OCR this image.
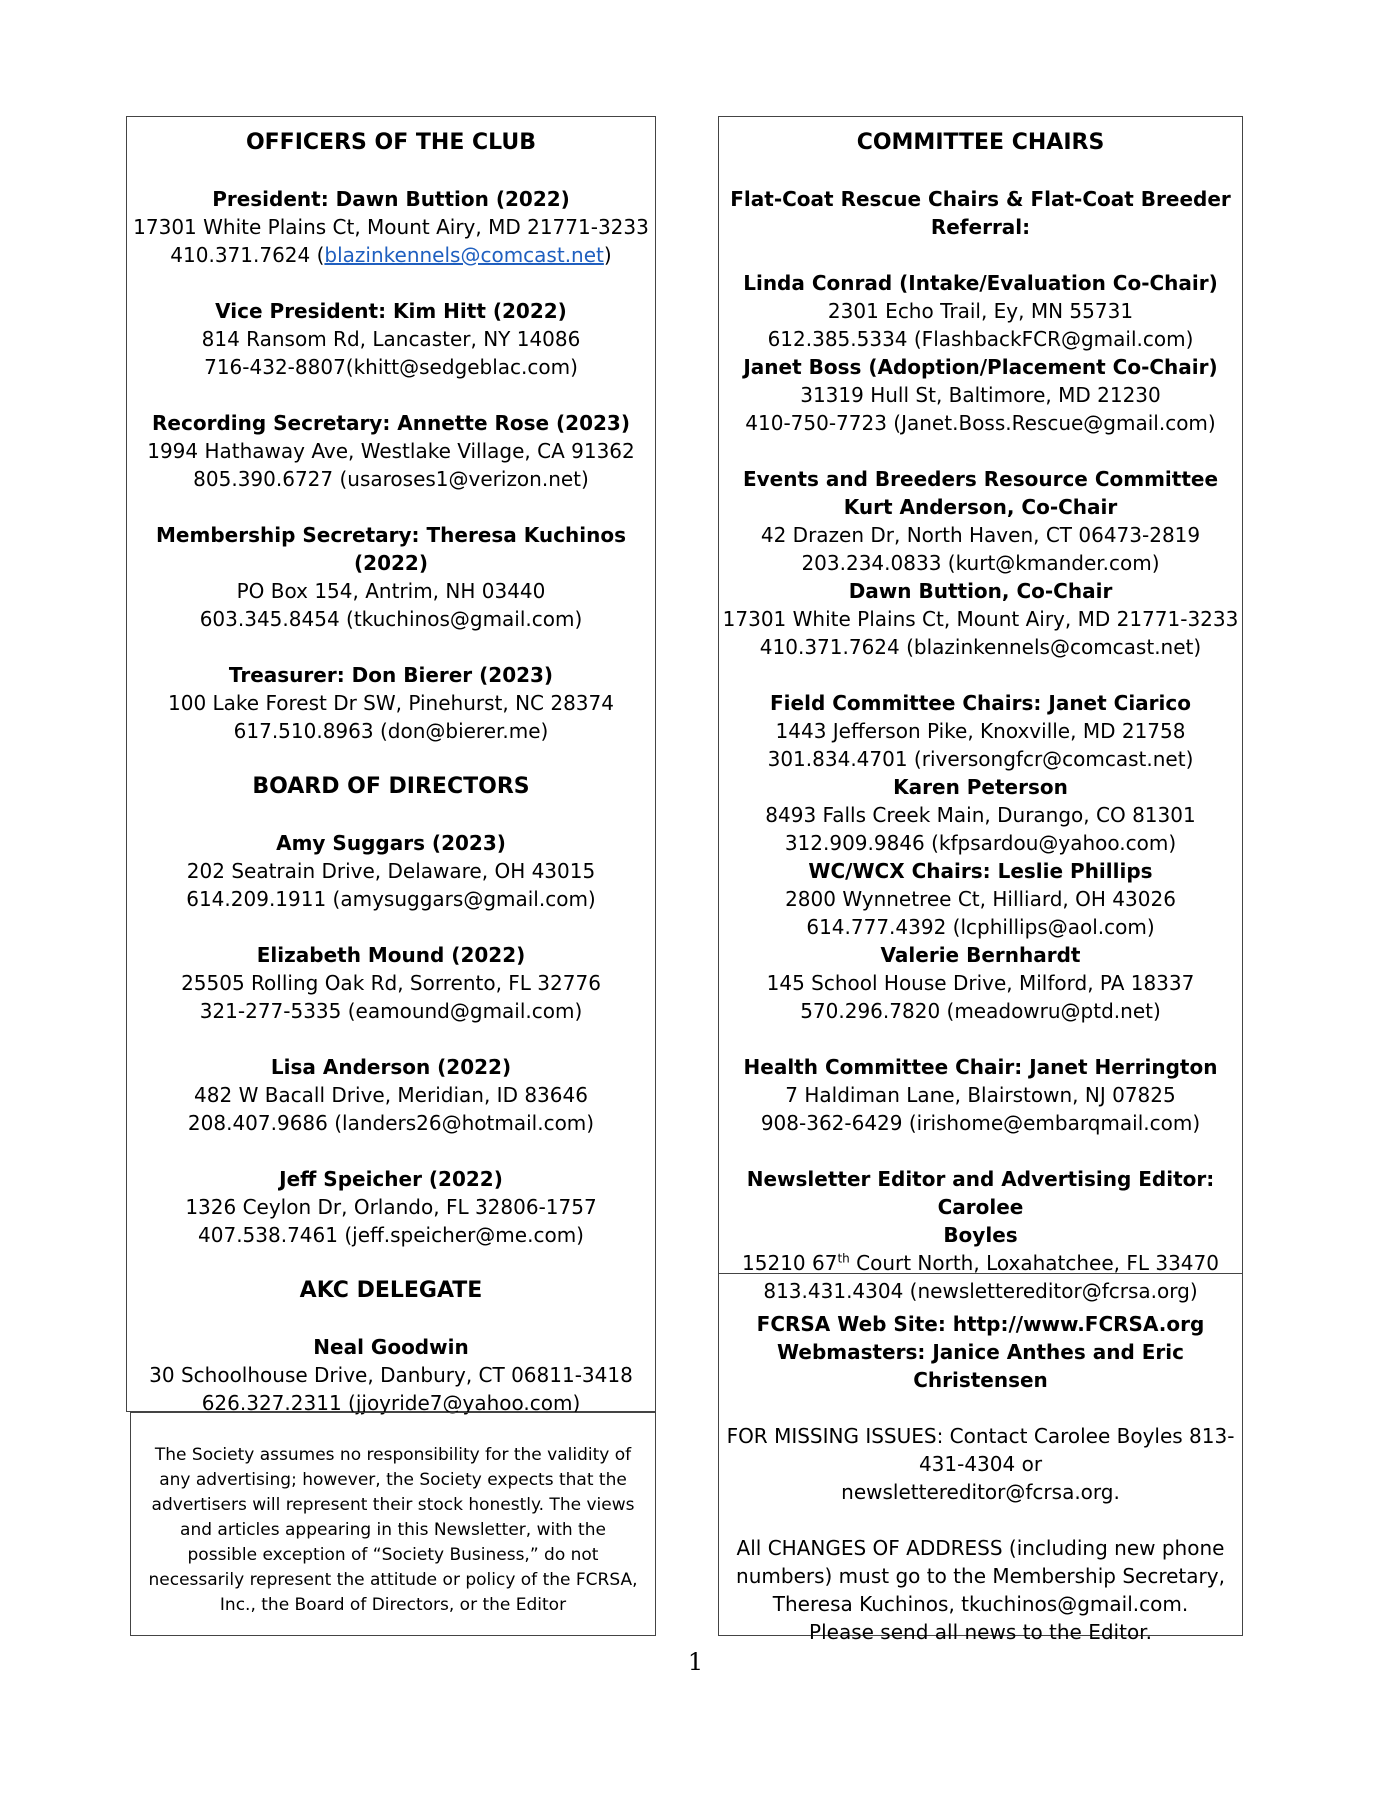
OFFICERS OF THE CLUB
President: Dawn Buttion (2022)
17301 White Plains Ct, Mount Airy, MD 21771-3233
410.371.7624 (blazinkennels@comcast.net)
Vice President: Kim Hitt (2022)
814 Ransom Rd, Lancaster, NY 14086
716-432-8807(khitt@sedgeblac.com)
Recording Secretary: Annette Rose (2023)
1994 Hathaway Ave, Westlake Village, CA 91362
805.390.6727 (usaroses1@verizon.net)
Membership Secretary: Theresa Kuchinos (2022)
PO Box 154, Antrim, NH 03440
603.345.8454 (tkuchinos@gmail.com)
Treasurer: Don Bierer (2023)
100 Lake Forest Dr SW, Pinehurst, NC 28374
617.510.8963 (don@bierer.me)
BOARD OF DIRECTORS
Amy Suggars (2023)
202 Seatrain Drive, Delaware, OH 43015
614.209.1911 (amysuggars@gmail.com)
Elizabeth Mound (2022)
25505 Rolling Oak Rd, Sorrento, FL 32776
321-277-5335 (eamound@gmail.com)
Lisa Anderson (2022)
482 W Bacall Drive, Meridian, ID 83646
208.407.9686 (landers26@hotmail.com)
Jeff Speicher (2022)
1326 Ceylon Dr, Orlando, FL 32806-1757
407.538.7461 (jeff.speicher@me.com)
AKC DELEGATE
Neal Goodwin
30 Schoolhouse Drive, Danbury, CT 06811-3418
626.327.2311 (jjoyride7@yahoo.com)
The Society assumes no responsibility for the validity of any advertising; however, the Society expects that the advertisers will represent their stock honestly. The views and articles appearing in this Newsletter, with the possible exception of “Society Business,” do not necessarily represent the attitude or policy of the FCRSA, Inc., the Board of Directors, or the Editor
COMMITTEE CHAIRS
Flat-Coat Rescue Chairs & Flat-Coat Breeder
Referral:
Linda Conrad (Intake/Evaluation Co-Chair)
2301 Echo Trail, Ey, MN 55731
612.385.5334 (FlashbackFCR@gmail.com)
Janet Boss (Adoption/Placement Co-Chair)
31319 Hull St, Baltimore, MD 21230
410-750-7723 (Janet.Boss.Rescue@gmail.com)
Events and Breeders Resource Committee
Kurt Anderson, Co-Chair
42 Drazen Dr, North Haven, CT 06473-2819
203.234.0833 (kurt@kmander.com)
Dawn Buttion, Co-Chair
17301 White Plains Ct, Mount Airy, MD 21771-3233
410.371.7624 (blazinkennels@comcast.net)
Field Committee Chairs: Janet Ciarico
1443 Jefferson Pike, Knoxville, MD 21758
301.834.4701 (riversongfcr@comcast.net)
Karen Peterson
8493 Falls Creek Main, Durango, CO 81301
312.909.9846 (kfpsardou@yahoo.com)
WC/WCX Chairs: Leslie Phillips
2800 Wynnetree Ct, Hilliard, OH 43026
614.777.4392 (lcphillips@aol.com)
Valerie Bernhardt
145 School House Drive, Milford, PA 18337
570.296.7820 (meadowru@ptd.net)
Health Committee Chair: Janet Herrington
7 Haldiman Lane, Blairstown, NJ 07825
908-362-6429 (irishome@embarqmail.com)
Newsletter Editor and Advertising Editor: Carolee
Boyles
15210 67th Court North, Loxahatchee, FL 33470
813.431.4304 (newslettereditor@fcrsa.org)
FCRSA Web Site: http://www.FCRSA.org
Webmasters: Janice Anthes and Eric Christensen
FOR MISSING ISSUES: Contact Carolee Boyles 813-
431-4304 or
newslettereditor@fcrsa.org.
All CHANGES OF ADDRESS (including new phone
numbers) must go to the Membership Secretary,
Theresa Kuchinos, tkuchinos@gmail.com.
Please send all news to the Editor.
1
